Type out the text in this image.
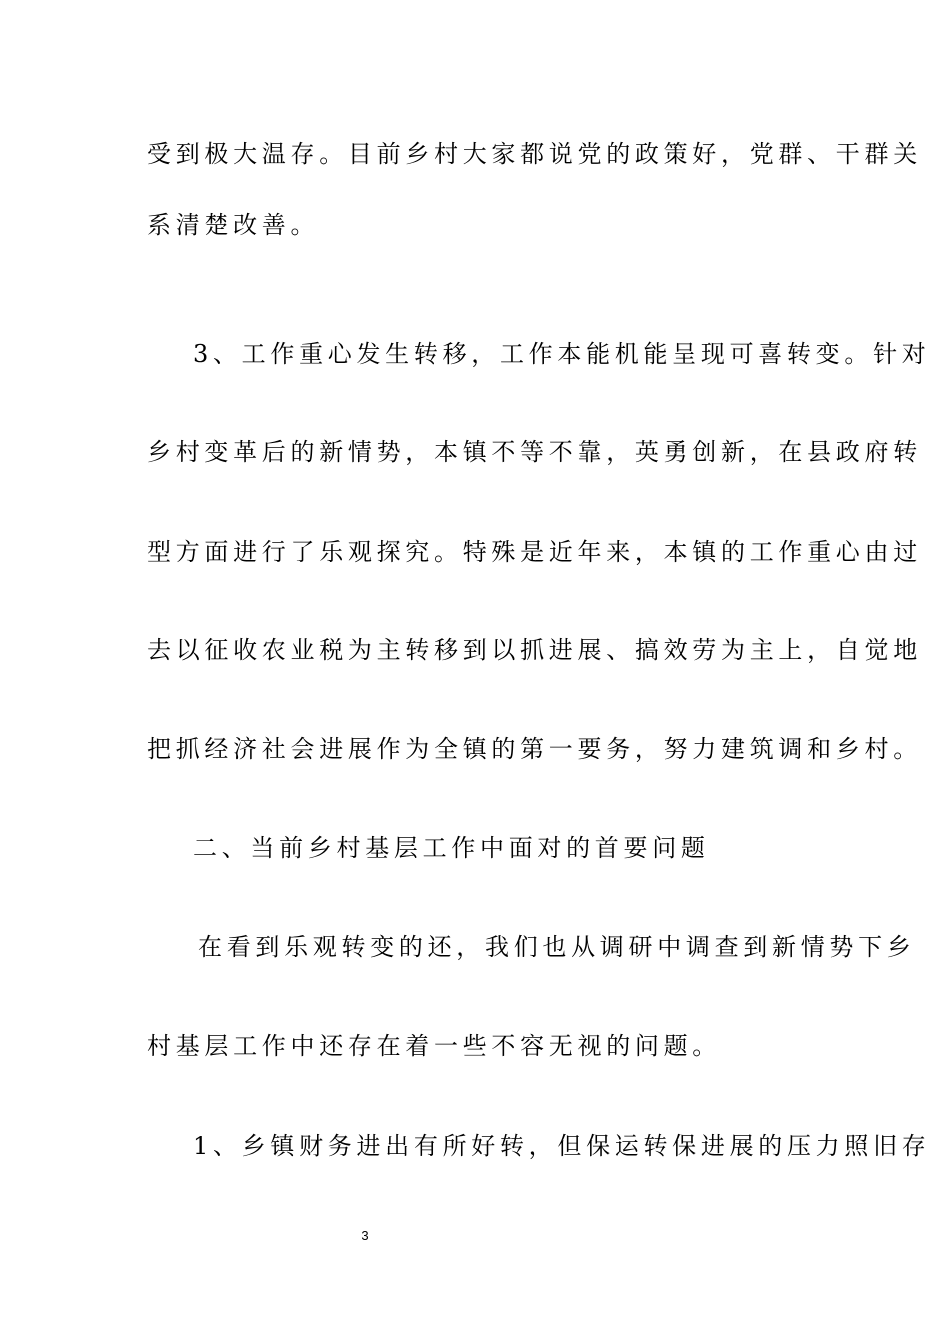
受到极大温存。目前乡村大家都说党的政策好，党群、干群关
系清楚改善。
3、工作重心发生转移，工作本能机能呈现可喜转变。针对
乡村变革后的新情势，本镇不等不靠，英勇创新，在县政府转
型方面进行了乐观探究。特殊是近年来，本镇的工作重心由过
去以征收农业税为主转移到以抓进展、搞效劳为主上，自觉地
把抓经济社会进展作为全镇的第一要务，努力建筑调和乡村。
二、当前乡村基层工作中面对的首要问题
在看到乐观转变的还，我们也从调研中调查到新情势下乡
村基层工作中还存在着一些不容无视的问题。
1、乡镇财务进出有所好转，但保运转保进展的压力照旧存
3
